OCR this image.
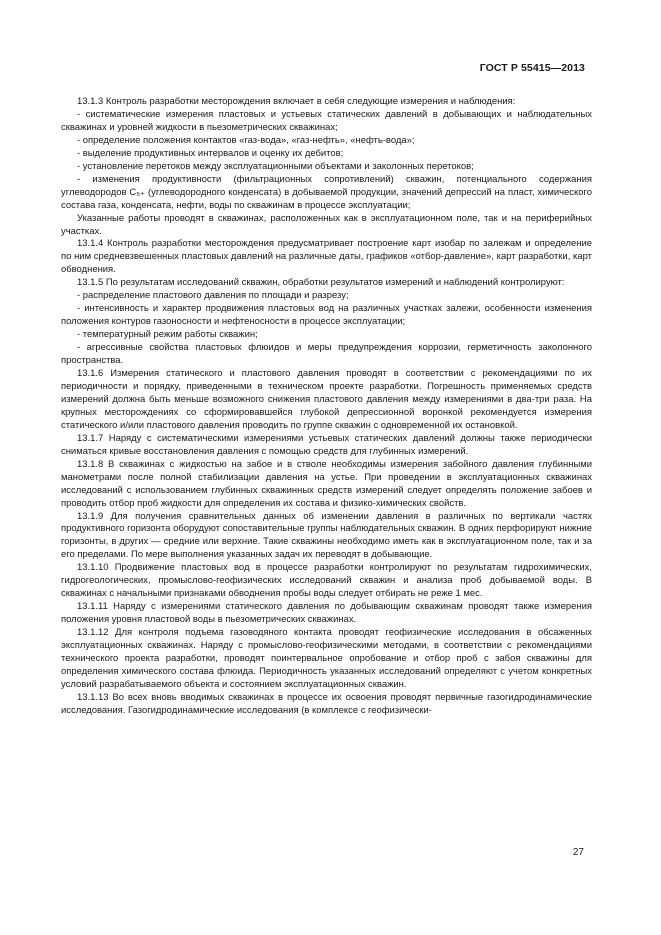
ГОСТ Р 55415—2013

13.1.3 Контроль разработки месторождения включает в себя следующие измерения и наблюдения:

- систематические измерения пластовых и устьевых статических давлений в добывающих и наблюдательных скважинах и уровней жидкости в пьезометрических скважинах;

- определение положения контактов «газ-вода», «газ-нефть», «нефть-вода»;

- выделение продуктивных интервалов и оценку их дебитов;

- установление перетоков между эксплуатационными объектами и заколонных перетоков;

- изменения продуктивности (фильтрационных сопротивлений) скважин, потенциального содержания углеводородов C₅₊ (углеводородного конденсата) в добываемой продукции, значений депрессий на пласт, химического состава газа, конденсата, нефти, воды по скважинам в процессе эксплуатации;

Указанные работы проводят в скважинах, расположенных как в эксплуатационном поле, так и на периферийных участках.

13.1.4 Контроль разработки месторождения предусматривает построение карт изобар по залежам и определение по ним средневзвешенных пластовых давлений на различные даты, графиков «отбор-давление», карт разработки, карт обводнения.

13.1.5 По результатам исследований скважин, обработки результатов измерений и наблюдений контролируют:

- распределение пластового давления по площади и разрезу;

- интенсивность и характер продвижения пластовых вод на различных участках залежи, особенности изменения положения контуров газоносности и нефтеносности в процессе эксплуатации;

- температурный режим работы скважин;

- агрессивные свойства пластовых флюидов и меры предупреждения коррозии, герметичность заколонного пространства.

13.1.6 Измерения статического и пластового давления проводят в соответствии с рекомендациями по их периодичности и порядку, приведенными в техническом проекте разработки. Погрешность применяемых средств измерений должна быть меньше возможного снижения пластового давления между измерениями в два-три раза. На крупных месторождениях со сформировавшейся глубокой депрессионной воронкой рекомендуется измерения статического и/или пластового давления проводить по группе скважин с одновременной их остановкой.

13.1.7 Наряду с систематическими измерениями устьевых статических давлений должны также периодически сниматься кривые восстановления давления с помощью средств для глубинных измерений.

13.1.8 В скважинах с жидкостью на забое и в стволе необходимы измерения забойного давления глубинными манометрами после полной стабилизации давления на устье. При проведении в эксплуатационных скважинах исследований с использованием глубинных скважинных средств измерений следует определять положение забоев и проводить отбор проб жидкости для определения их состава и физико-химических свойств.

13.1.9 Для получения сравнительных данных об изменении давления в различных по вертикали частях продуктивного горизонта оборудуют сопоставительные группы наблюдательных скважин. В одних перфорируют нижние горизонты, в других — средние или верхние. Такие скважины необходимо иметь как в эксплуатационном поле, так и за его пределами. По мере выполнения указанных задач их переводят в добывающие.

13.1.10 Продвижение пластовых вод в процессе разработки контролируют по результатам гидрохимических, гидрогеологических, промыслово-геофизических исследований скважин и анализа проб добываемой воды. В скважинах с начальными признаками обводнения пробы воды следует отбирать не реже 1 мес.

13.1.11 Наряду с измерениями статического давления по добывающим скважинам проводят также измерения положения уровня пластовой воды в пьезометрических скважинах.

13.1.12 Для контроля подъема газоводяного контакта проводят геофизические исследования в обсаженных эксплуатационных скважинах. Наряду с промыслово-геофизическими методами, в соответствии с рекомендациями технического проекта разработки, проводят поинтервальное опробование и отбор проб с забоя скважины для определения химического состава флюида. Периодичность указанных исследований определяют с учетом конкретных условий разрабатываемого объекта и состоянием эксплуатационных скважин.

13.1.13 Во всех вновь вводимых скважинах в процессе их освоения проводят первичные газогидродинамические исследования. Газогидродинамические исследования (в комплексе с геофизически-

27
